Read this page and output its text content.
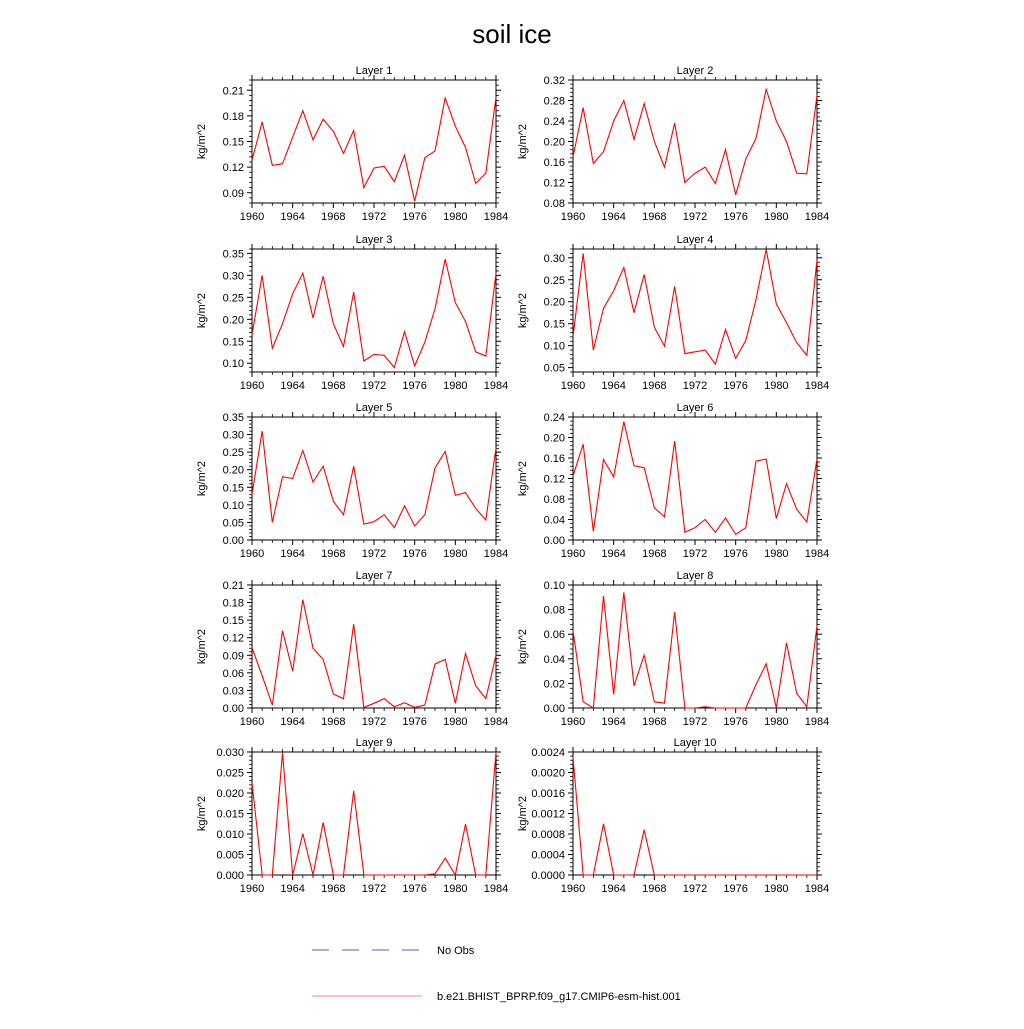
soil ice
Layer 1
kg/m^2
1960 1964 1968 1972 1976 1980 1984
0.09
0.12
0.15
0.18
0.21
Layer 2
kg/m^2
1960 1964 1968 1972 1976 1980 1984
0.08
0.12
0.16
0.20
0.24
0.28
0.32
Layer 3
kg/m^2
1960 1964 1968 1972 1976 1980 1984
0.10
0.15
0.20
0.25
0.30
0.35
Layer 4
kg/m^2
1960 1964 1968 1972 1976 1980 1984
0.05
0.10
0.15
0.20
0.25
0.30
Layer 5
kg/m^2
1960 1964 1968 1972 1976 1980 1984
0.00
0.05
0.10
0.15
0.20
0.25
0.30
0.35
Layer 6
kg/m^2
1960 1964 1968 1972 1976 1980 1984
0.00
0.04
0.08
0.12
0.16
0.20
0.24
Layer 7
kg/m^2
1960 1964 1968 1972 1976 1980 1984
0.00
0.03
0.06
0.09
0.12
0.15
0.18
0.21
Layer 8
kg/m^2
1960 1964 1968 1972 1976 1980 1984
0.00
0.02
0.04
0.06
0.08
0.10
Layer 9
kg/m^2
1960 1964 1968 1972 1976 1980 1984
0.000
0.005
0.010
0.015
0.020
0.025
0.030
Layer 10
kg/m^2
1960 1964 1968 1972 1976 1980 1984
0.0000
0.0004
0.0008
0.0012
0.0016
0.0020
0.0024
No Obs
b.e21.BHIST_BPRP.f09_g17.CMIP6-esm-hist.001
